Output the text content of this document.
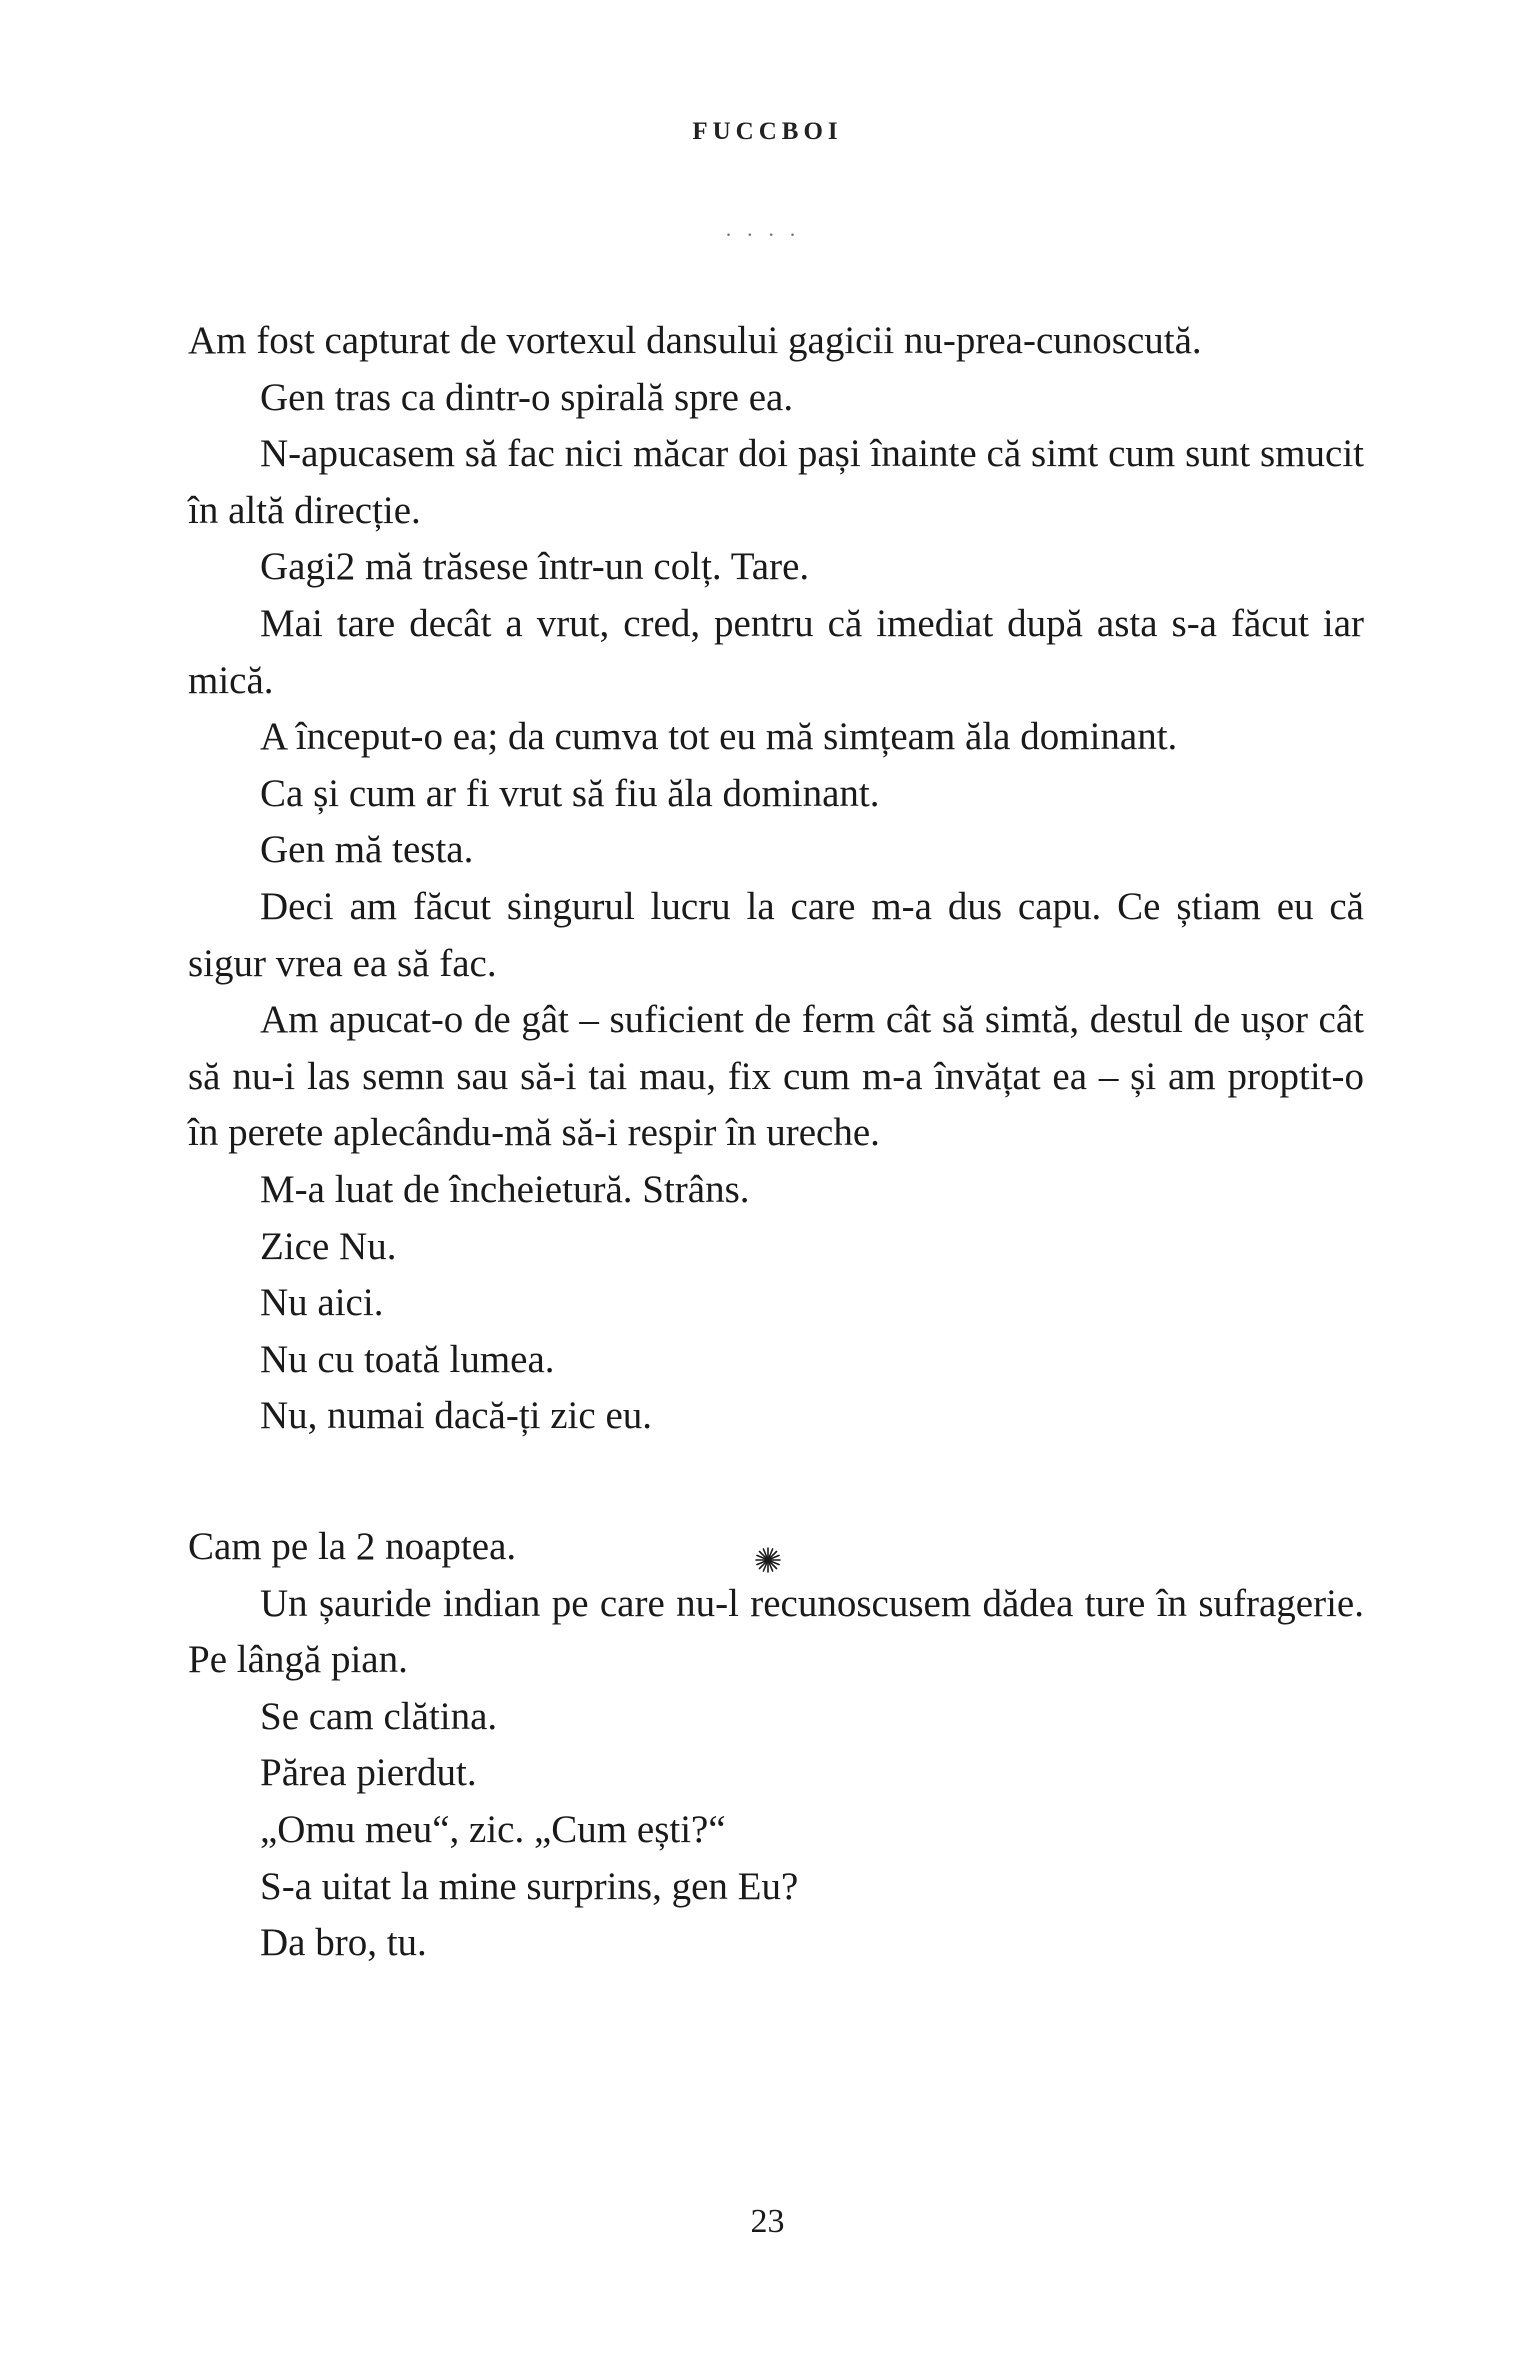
FUCCBOI
····

Am fost capturat de vortexul dansului gagicii nu-prea-cunoscută.

Gen tras ca dintr-o spirală spre ea.

N-apucasem să fac nici măcar doi pași înainte că simt cum sunt smucit în altă direcție.

Gagi2 mă trăsese într-un colț. Tare.

Mai tare decât a vrut, cred, pentru că imediat după asta s-a făcut iar mică.

A început-o ea; da cumva tot eu mă simțeam ăla dominant.

Ca și cum ar fi vrut să fiu ăla dominant.

Gen mă testa.

Deci am făcut singurul lucru la care m-a dus capu. Ce știam eu că sigur vrea ea să fac.

Am apucat-o de gât – suficient de ferm cât să simtă, destul de ușor cât să nu-i las semn sau să-i tai mau, fix cum m-a învățat ea – și am proptit-o în perete aplecându-mă să-i respir în ureche.

M-a luat de încheietură. Strâns.

Zice Nu.

Nu aici.

Nu cu toată lumea.

Nu, numai dacă-ți zic eu.

Cam pe la 2 noaptea.

Un șauride indian pe care nu-l recunoscusem dădea ture în sufragerie. Pe lângă pian.

Se cam clătina.

Părea pierdut.

„Omu meu“, zic. „Cum ești?“

S-a uitat la mine surprins, gen Eu?

Da bro, tu.

23
